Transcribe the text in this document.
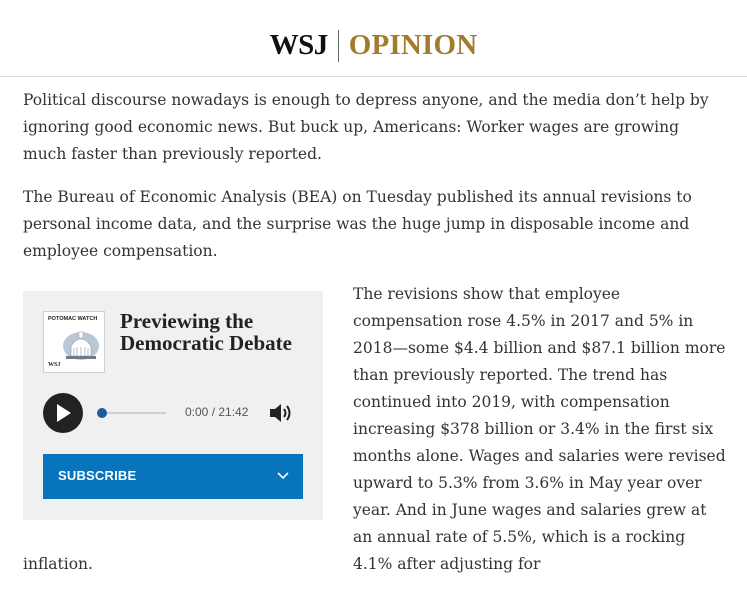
WSJ OPINION

Political discourse nowadays is enough to depress anyone, and the media don’t help by ignoring good economic news. But buck up, Americans: Worker wages are growing much faster than previously reported.

The Bureau of Economic Analysis (BEA) on Tuesday published its annual revisions to personal income data, and the surprise was the huge jump in disposable income and employee compensation.

POTOMAC WATCH
WSJ
Previewing the Democratic Debate
0:00 / 21:42
SUBSCRIBE

The revisions show that employee compensation rose 4.5% in 2017 and 5% in 2018—some $4.4 billion and $87.1 billion more than previously reported. The trend has continued into 2019, with compensation increasing $378 billion or 3.4% in the first six months alone. Wages and salaries were revised upward to 5.3% from 3.6% in May year over year. And in June wages and salaries grew at an annual rate of 5.5%, which is a rocking 4.1% after adjusting for

inflation.
